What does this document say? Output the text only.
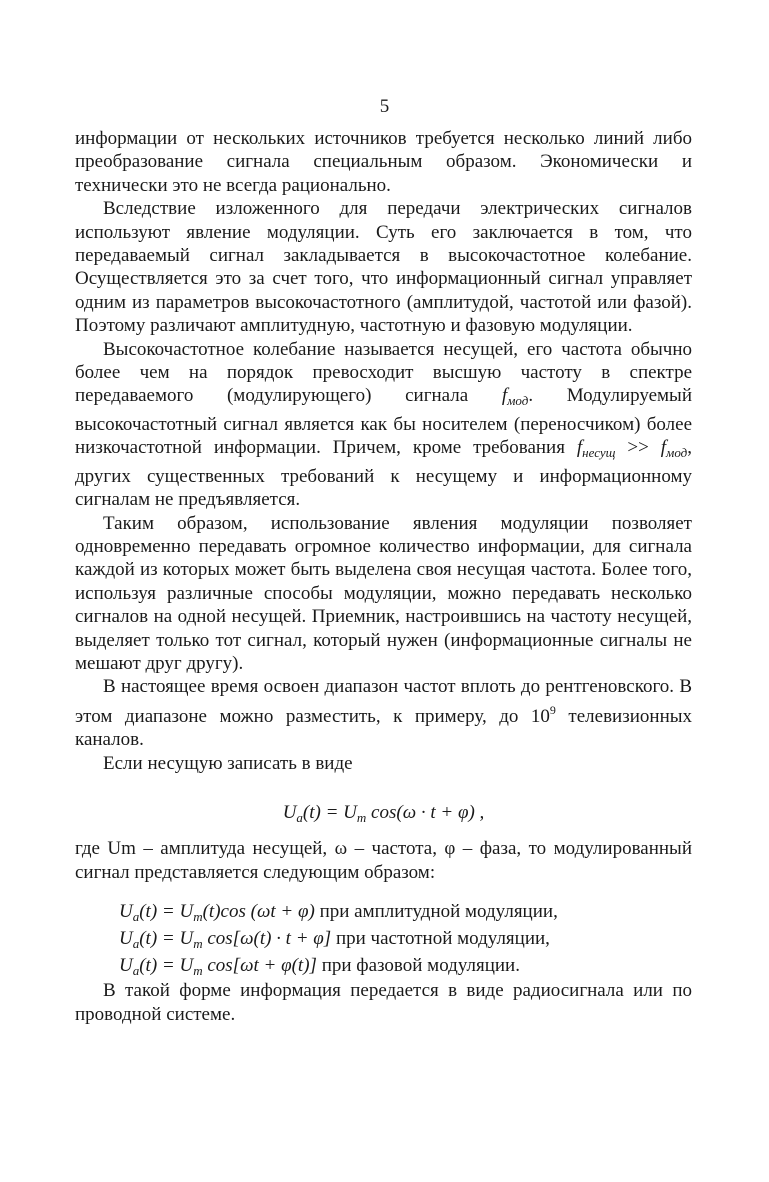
5

информации от нескольких источников требуется несколько линий либо преобразование сигнала специальным образом. Экономически и технически это не всегда рационально.

Вследствие изложенного для передачи электрических сигналов используют явление модуляции. Суть его заключается в том, что передаваемый сигнал закладывается в высокочастотное колебание. Осуществляется это за счет того, что информационный сигнал управляет одним из параметров высокочастотного (амплитудой, частотой или фазой). Поэтому различают амплитудную, частотную и фазовую модуляции.

Высокочастотное колебание называется несущей, его частота обычно более чем на порядок превосходит высшую частоту в спектре передаваемого (модулирующего) сигнала $f_{мод}$. Модулируемый высокочастотный сигнал является как бы носителем (переносчиком) более низкочастотной информации. Причем, кроме требования $f_{несущ} >> f_{мод}$, других существенных требований к несущему и информационному сигналам не предъявляется.

Таким образом, использование явления модуляции позволяет одновременно передавать огромное количество информации, для сигнала каждой из которых может быть выделена своя несущая частота. Более того, используя различные способы модуляции, можно передавать несколько сигналов на одной несущей. Приемник, настроившись на частоту несущей, выделяет только тот сигнал, который нужен (информационные сигналы не мешают друг другу).

В настоящее время освоен диапазон частот вплоть до рентгеновского. В этом диапазоне можно разместить, к примеру, до $10^9$ телевизионных каналов.

Если несущую записать в виде

$U_a(t) = U_m$ cos(ω · t + φ) ,

где Um – амплитуда несущей, ω – частота, φ – фаза, то модулированный сигнал представляется следующим образом:

$U_a(t) = U_m(t)\cos$ (ωt + φ) при амплитудной модуляции,
$U_a(t) = U_m$ cos[ω(t) · t + φ] при частотной модуляции,
$U_a(t) = U_m$ cos[ωt + φ(t)] при фазовой модуляции.

В такой форме информация передается в виде радиосигнала или по проводной системе.
